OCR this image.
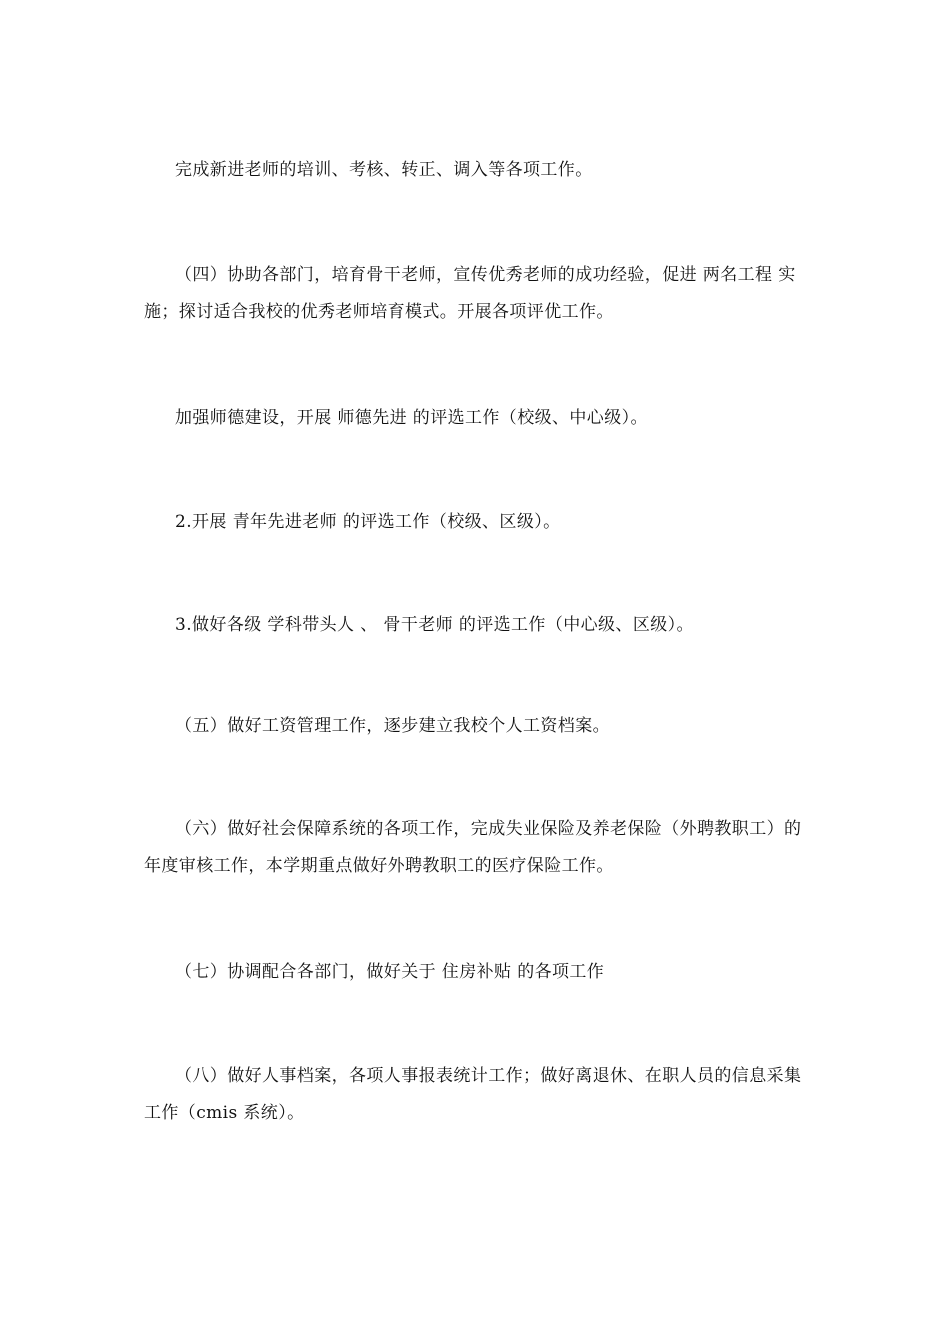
完成新进老师的培训、考核、转正、调入等各项工作。

（四）协助各部门，培育骨干老师，宣传优秀老师的成功经验，促进 两名工程 实施；探讨适合我校的优秀老师培育模式。开展各项评优工作。

加强师德建设，开展 师德先进 的评选工作（校级、中心级）。

2.开展 青年先进老师 的评选工作（校级、区级）。

3.做好各级 学科带头人 、 骨干老师 的评选工作（中心级、区级）。

（五）做好工资管理工作，逐步建立我校个人工资档案。

（六）做好社会保障系统的各项工作，完成失业保险及养老保险（外聘教职工）的年度审核工作，本学期重点做好外聘教职工的医疗保险工作。

（七）协调配合各部门，做好关于 住房补贴 的各项工作

（八）做好人事档案，各项人事报表统计工作；做好离退休、在职人员的信息采集工作（cmis 系统）。
